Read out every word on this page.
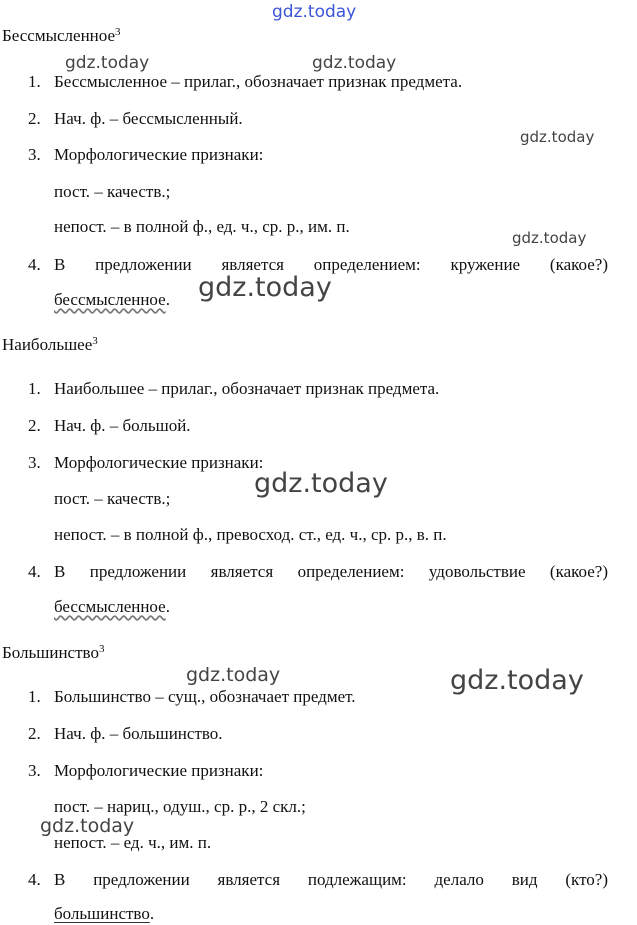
gdz.today
gdz.today	gdz.today
gdz.today
gdz.today
gdz.today
gdz.today
gdz.today	gdz.today
gdz.today
Бессмысленное$^3$
1. Бессмысленное – прилаг., обозначает признак предмета.
2. Нач. ф. – бессмысленный.
3. Морфологические признаки:
пост. – качеств.;
непост. – в полной ф., ед. ч., ср. р., им. п.
4. В предложении является определением: кружение (какое?)
бессмысленное.
Наибольшее$^3$
1. Наибольшее – прилаг., обозначает признак предмета.
2. Нач. ф. – большой.
3. Морфологические признаки:
пост. – качеств.;
непост. – в полной ф., превосход. ст., ед. ч., ср. р., в. п.
4. В предложении является определением: удовольствие (какое?)
бессмысленное.
Большинство$^3$
1. Большинство – сущ., обозначает предмет.
2. Нач. ф. – большинство.
3. Морфологические признаки:
пост. – нариц., одуш., ср. р., 2 скл.;
непост. – ед. ч., им. п.
4. В предложении является подлежащим: делало вид (кто?)
большинство.
